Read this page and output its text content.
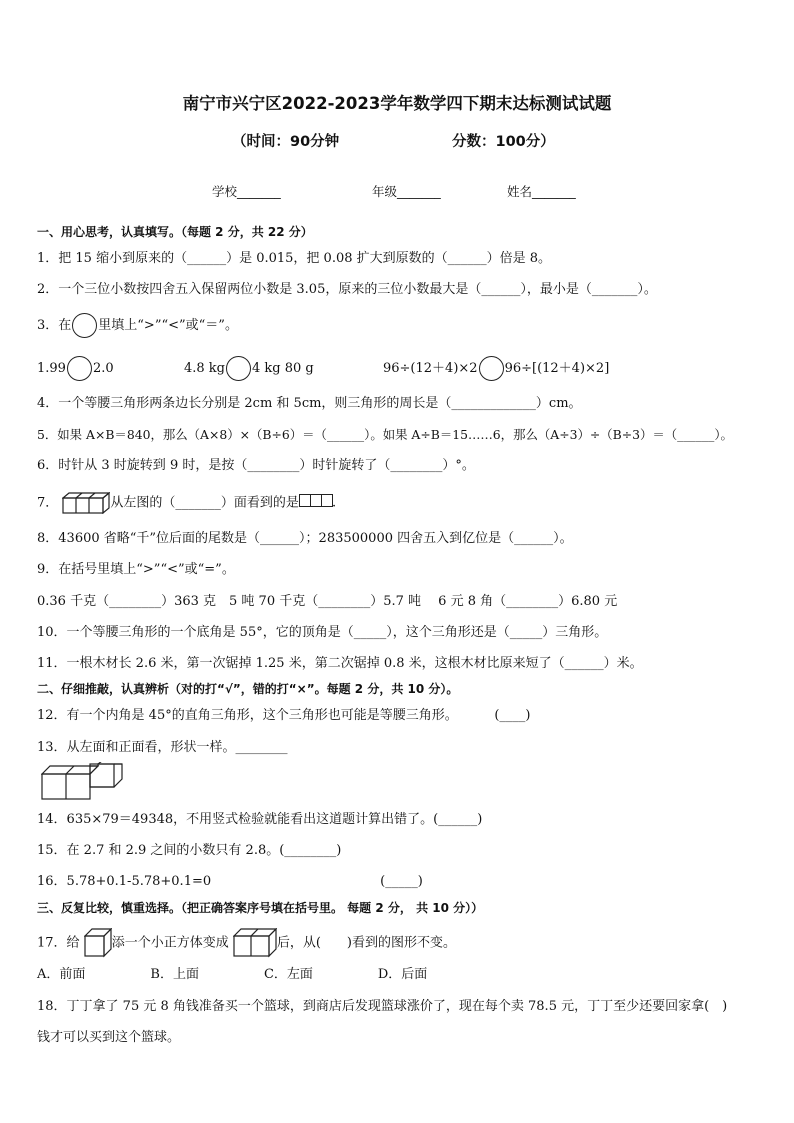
南宁市兴宁区2022-2023学年数学四下期末达标测试试题
（时间：90分钟	分数：100分）
学校_______	年级_______	姓名_______
一、用心思考，认真填写。（每题 2 分，共 22 分）
1．把 15 缩小到原来的（______）是 0.015，把 0.08 扩大到原数的（______）倍是 8。
2．一个三位小数按四舍五入保留两位小数是 3.05，原来的三位小数最大是（______），最小是（_______）。
3．在 里填上“>”“<”或“＝”。
1.99 2.0	4.8 kg 4 kg 80 g	96÷(12＋4)×2 96÷[(12＋4)×2]
4．一个等腰三角形两条边长分别是 2cm 和 5cm，则三角形的周长是（_____________）cm。
5．如果 A×B＝840，那么（A×8）×（B÷6）＝（______）。如果 A÷B＝15……6，那么（A÷3）÷（B÷3）＝（______）。
6．时针从 3 时旋转到 9 时，是按（________）时针旋转了（________）°。
7．	从左图的（_______）面看到的是	.
8．43600 省略“千”位后面的尾数是（______）；283500000 四舍五入到亿位是（______）。
9．在括号里填上“>”“<”或“=”。
0.36 千克（________）363 克　5 吨 70 千克（________）5.7 吨　 6 元 8 角（________）6.80 元
10．一个等腰三角形的一个底角是 55°，它的顶角是（_____），这个三角形还是（_____）三角形。
11．一根木材长 2.6 米，第一次锯掉 1.25 米，第二次锯掉 0.8 米，这根木材比原来短了（______）米。
二、仔细推敲，认真辨析（对的打“√”，错的打“×”。每题 2 分，共 10 分）。
12．有一个内角是 45°的直角三角形，这个三角形也可能是等腰三角形。　　　 (____)
13．从左面和正面看，形状一样。________
14．635×79＝49348，不用竖式检验就能看出这道题计算出错了。(______)
15．在 2.7 和 2.9 之间的小数只有 2.8。(________)
16．5.78+0.1-5.78+0.1=0　　　　　　　　　　　　　(_____)
三、反复比较，慎重选择。（把正确答案序号填在括号里。 每题 2 分， 共 10 分））
17．给 添一个小正方体变成	后，从(　　)看到的图形不变。
A．前面　　　　　B．上面　　　　　C．左面　　　　　D．后面
18．丁丁拿了 75 元 8 角钱准备买一个篮球，到商店后发现篮球涨价了，现在每个卖 78.5 元，丁丁至少还要回家拿(　)
钱才可以买到这个篮球。
